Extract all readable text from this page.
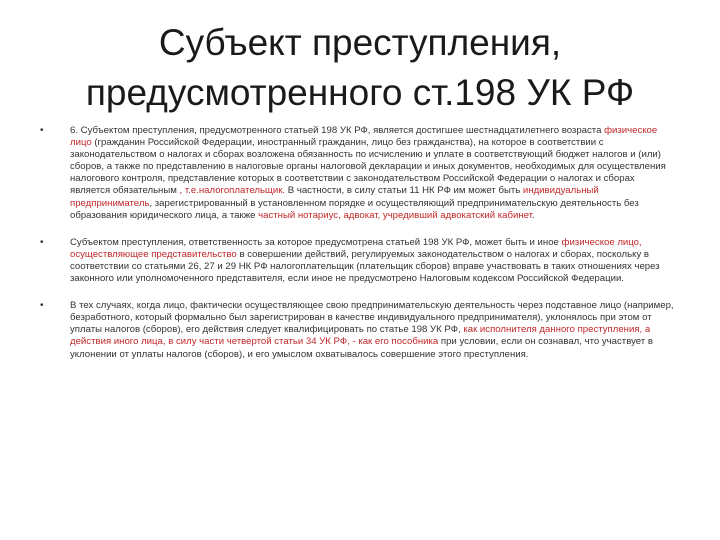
Субъект преступления,
предусмотренного ст.198 УК РФ
•	6. Субъектом преступления, предусмотренного статьей 198 УК РФ, является достигшее шестнадцатилетнего возраста физическое лицо (гражданин Российской Федерации, иностранный гражданин, лицо без гражданства), на которое в соответствии с законодательством о налогах и сборах возложена обязанность по исчислению и уплате в соответствующий бюджет налогов и (или) сборов, а также по представлению в налоговые органы налоговой декларации и иных документов, необходимых для осуществления налогового контроля, представление которых в соответствии с законодательством Российской Федерации о налогах и сборах является обязательным , т.е.налогоплательщик. В частности, в силу статьи 11 НК РФ им может быть индивидуальный предприниматель, зарегистрированный в установленном порядке и осуществляющий предпринимательскую деятельность без образования юридического лица, а также частный нотариус, адвокат, учредивший адвокатский кабинет.
•	Субъектом преступления, ответственность за которое предусмотрена статьей 198 УК РФ, может быть и иное физическое лицо, осуществляющее представительство в совершении действий, регулируемых законодательством о налогах и сборах, поскольку в соответствии со статьями 26, 27 и 29 НК РФ налогоплательщик (плательщик сборов) вправе участвовать в таких отношениях через законного или уполномоченного представителя, если иное не предусмотрено Налоговым кодексом Российской Федерации.
•	В тех случаях, когда лицо, фактически осуществляющее свою предпринимательскую деятельность через подставное лицо (например, безработного, который формально был зарегистрирован в качестве индивидуального предпринимателя), уклонялось при этом от уплаты налогов (сборов), его действия следует квалифицировать по статье 198 УК РФ, как исполнителя данного преступления, а действия иного лица, в силу части четвертой статьи 34 УК РФ, - как его пособника при условии, если он сознавал, что участвует в уклонении от уплаты налогов (сборов), и его умыслом охватывалось совершение этого преступления.
